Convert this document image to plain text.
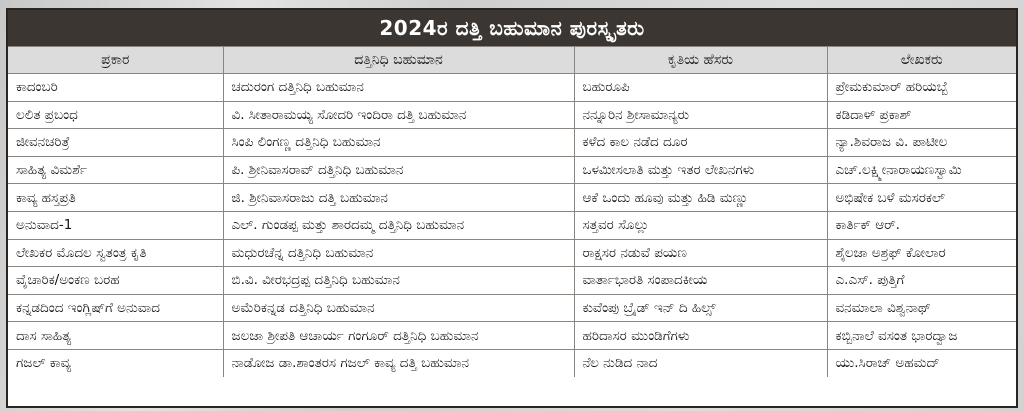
2024ರ ದತ್ತಿ ಬಹುಮಾನ ಪುರಸ್ಕೃತರು
ಪ್ರಕಾರ	ದತ್ತಿನಿಧಿ ಬಹುಮಾನ	ಕೃತಿಯ ಹೆಸರು	ಲೇಖಕರು
ಕಾದಂಬರಿ	ಚದುರಂಗ ದತ್ತಿನಿಧಿ ಬಹುಮಾನ	ಬಹುರೂಪಿ	ಪ್ರೇಮಕುಮಾರ್ ಹರಿಯಬ್ಬೆ
ಲಲಿತ ಪ್ರಬಂಧ	ವಿ. ಸೀತಾರಾಮಯ್ಯ ಸೋದರಿ ಇಂದಿರಾ ದತ್ತಿ ಬಹುಮಾನ	ನನ್ನೂರಿನ ಶ್ರೀಸಾಮಾನ್ಯರು	ಕಡಿದಾಳ್ ಪ್ರಕಾಶ್
ಜೀವನಚರಿತ್ರೆ	ಸಿಂಪಿ ಲಿಂಗಣ್ಣ ದತ್ತಿನಿಧಿ ಬಹುಮಾನ	ಕಳೆದ ಕಾಲ ನಡೆದ ದೂರ	ನ್ಯಾ.ಶಿವರಾಜ ವಿ. ಪಾಟೀಲ
ಸಾಹಿತ್ಯ ವಿಮರ್ಶೆ	ಪಿ. ಶ್ರೀನಿವಾಸರಾವ್ ದತ್ತಿನಿಧಿ ಬಹುಮಾನ	ಒಳಮೀಸಲಾತಿ ಮತ್ತು ಇತರ ಲೇಖನಗಳು	ಎಚ್.ಲಕ್ಷ್ಮೀನಾರಾಯಣಸ್ವಾಮಿ
ಕಾವ್ಯ ಹಸ್ತಪ್ರತಿ	ಜಿ. ಶ್ರೀನಿವಾಸರಾಜು ದತ್ತಿ ಬಹುಮಾನ	ಆಕೆ ಒಂದು ಹೂವು ಮತ್ತು ಹಿಡಿ ಮಣ್ಣು	ಅಭಿಷೇಕ ಬಳೆ ಮಸರಕಲ್
ಅನುವಾದ-1	ಎಲ್. ಗುಂಡಪ್ಪ ಮತ್ತು ಶಾರದಮ್ಮ ದತ್ತಿನಿಧಿ ಬಹುಮಾನ	ಸತ್ತವರ ಸೊಲ್ಲು	ಕಾರ್ತಿಕ್ ಆರ್.
ಲೇಖಕರ ಮೊದಲ ಸ್ವತಂತ್ರ ಕೃತಿ	ಮಧುರಚೆನ್ನ ದತ್ತಿನಿಧಿ ಬಹುಮಾನ	ರಾಕ್ಷಸರ ನಡುವೆ ಪಯಣ	ಶೈಲಜಾ ಅಶ್ರಫ್ ಕೋಲಾರ
ವೈಚಾರಿಕ/ಅಂಕಣ ಬರಹ	ಬಿ.ವಿ. ವೀರಭದ್ರಪ್ಪ ದತ್ತಿನಿಧಿ ಬಹುಮಾನ	ವಾರ್ತಾಭಾರತಿ ಸಂಪಾದಕೀಯ	ಎ.ಎಸ್. ಪುತ್ತಿಗೆ
ಕನ್ನಡದಿಂದ ಇಂಗ್ಲಿಷ್‌ಗೆ ಅನುವಾದ	ಅಮೆರಿಕನ್ನಡ ದತ್ತಿನಿಧಿ ಬಹುಮಾನ	ಕುವೆಂಪು ಬ್ರೈಡ್ ಇನ್ ದಿ ಹಿಲ್ಸ್	ವನಮಾಲಾ ವಿಶ್ವನಾಥ್
ದಾಸ ಸಾಹಿತ್ಯ	ಜಲಜಾ ಶ್ರೀಪತಿ ಆಚಾರ್ಯ ಗಂಗೂರ್ ದತ್ತಿನಿಧಿ ಬಹುಮಾನ	ಹರಿದಾಸರ ಮುಂಡಿಗೆಗಳು	ಕಬ್ಬಿನಾಲೆ ವಸಂತ ಭಾರದ್ವಾಜ
ಗಜಲ್ ಕಾವ್ಯ	ನಾಡೋಜ ಡಾ.ಶಾಂತರಸ ಗಜಲ್ ಕಾವ್ಯ ದತ್ತಿ ಬಹುಮಾನ	ನೆಲ ನುಡಿದ ನಾದ	ಯು.ಸಿರಾಜ್ ಅಹಮದ್
